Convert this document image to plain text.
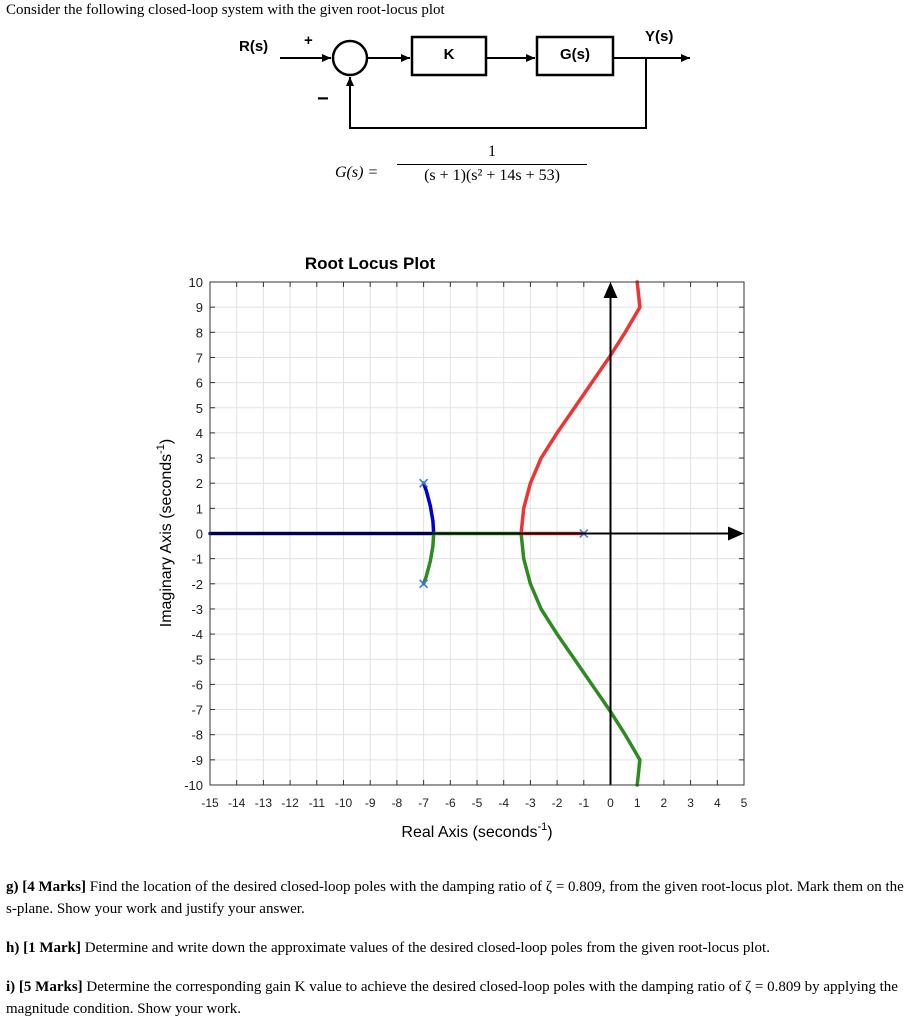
Consider the following closed-loop system with the given root-locus plot
R(s) +
−
K	G(s)
Y(s)
G(s) =
1
(s + 1)(s² + 14s + 53)
Root Locus Plot
10
9
8
7
6
5
4
3
2
1
0
-1
-2
-3
-4
-5
-6
-7
-8
-9
-10
-15 -14 -13 -12 -11 -10 -9 -8 -7 -6 -5 -4 -3 -2 -1 0 1 2 3 4 5
Real Axis (seconds$^{-1}$)
Imaginary Axis (seconds$^{-1}$)
g) [4 Marks] Find the location of the desired closed-loop poles with the damping ratio of ζ = 0.809, from the given root-locus plot. Mark them on the s-plane. Show your work and justify your answer.
h) [1 Mark] Determine and write down the approximate values of the desired closed-loop poles from the given root-locus plot.
i) [5 Marks] Determine the corresponding gain K value to achieve the desired closed-loop poles with the damping ratio of ζ = 0.809 by applying the magnitude condition. Show your work.
